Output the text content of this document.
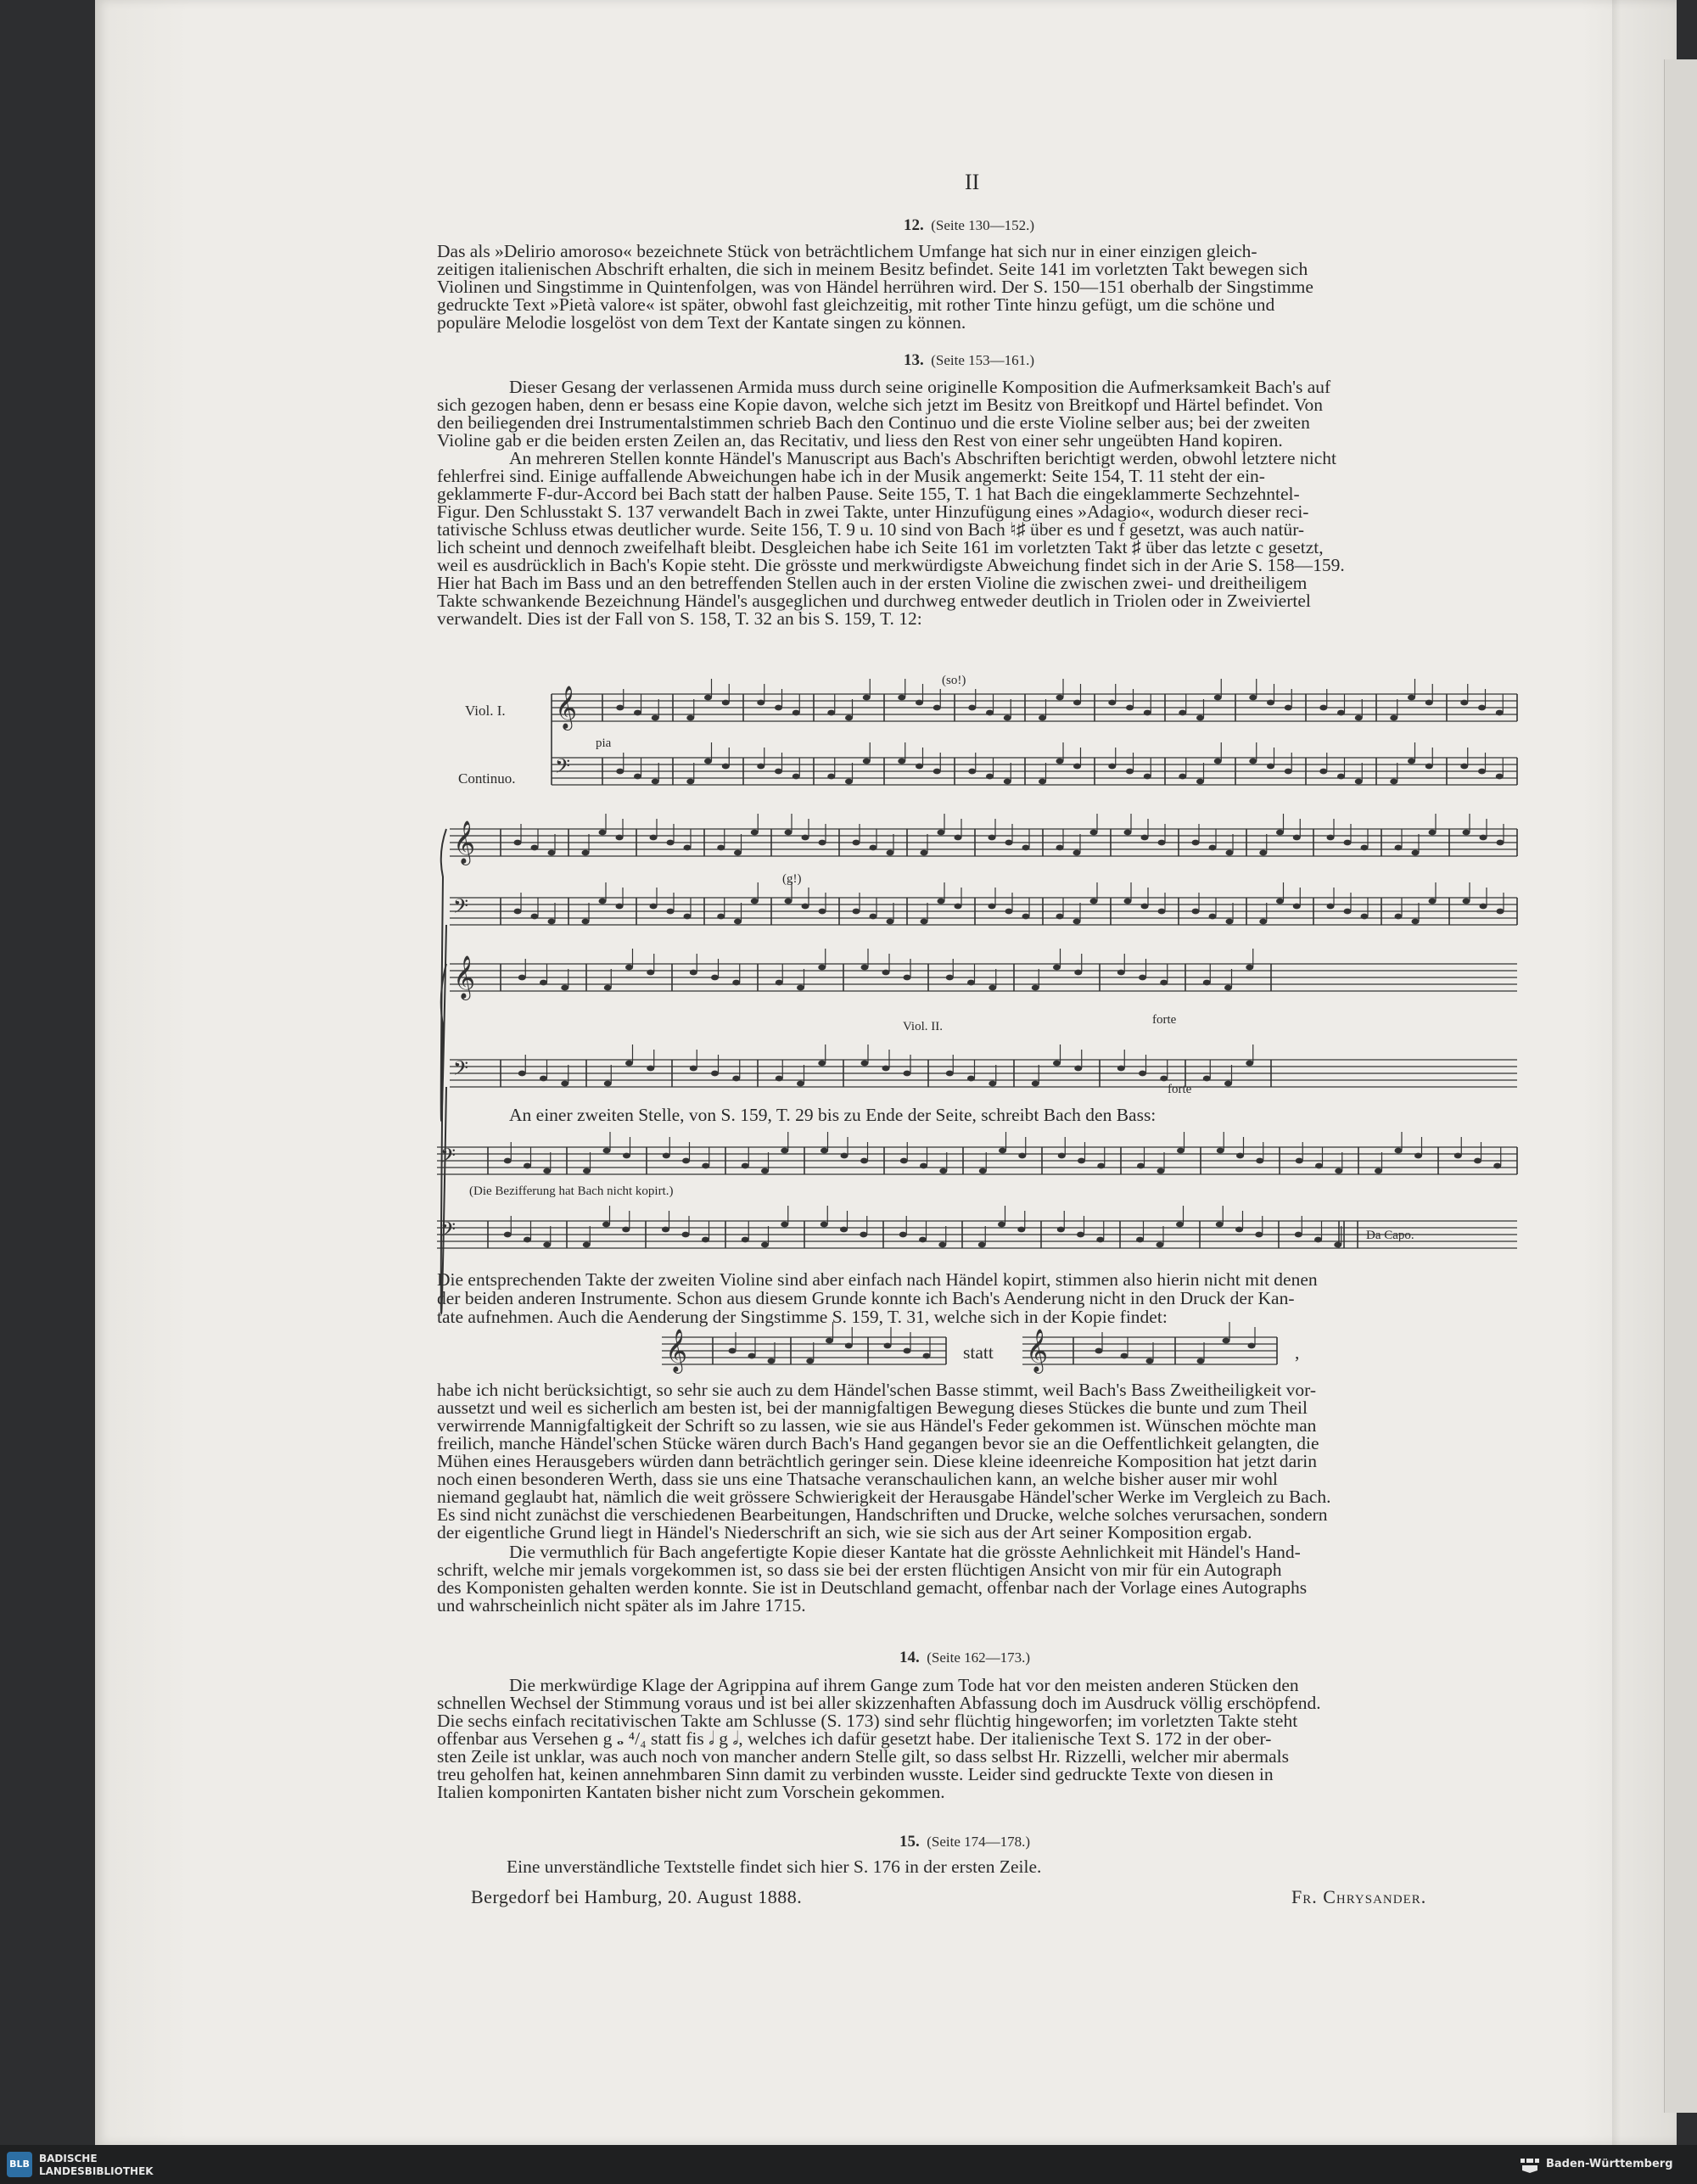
II
12. (Seite 130—152.)
Das als »Delirio amoroso« bezeichnete Stück von beträchtlichem Umfange hat sich nur in einer einzigen gleich-
zeitigen italienischen Abschrift erhalten, die sich in meinem Besitz befindet. Seite 141 im vorletzten Takt bewegen sich
Violinen und Singstimme in Quintenfolgen, was von Händel herrühren wird. Der S. 150—151 oberhalb der Singstimme
gedruckte Text »Pietà valore« ist später, obwohl fast gleichzeitig, mit rother Tinte hinzu gefügt, um die schöne und
populäre Melodie losgelöst von dem Text der Kantate singen zu können.
13. (Seite 153—161.)
Dieser Gesang der verlassenen Armida muss durch seine originelle Komposition die Aufmerksamkeit Bach's auf
sich gezogen haben, denn er besass eine Kopie davon, welche sich jetzt im Besitz von Breitkopf und Härtel befindet. Von
den beiliegenden drei Instrumentalstimmen schrieb Bach den Continuo und die erste Violine selber aus; bei der zweiten
Violine gab er die beiden ersten Zeilen an, das Recitativ, und liess den Rest von einer sehr ungeübten Hand kopiren.
An mehreren Stellen konnte Händel's Manuscript aus Bach's Abschriften berichtigt werden, obwohl letztere nicht
fehlerfrei sind. Einige auffallende Abweichungen habe ich in der Musik angemerkt: Seite 154, T. 11 steht der ein-
geklammerte F-dur-Accord bei Bach statt der halben Pause. Seite 155, T. 1 hat Bach die eingeklammerte Sechzehntel-
Figur. Den Schlusstakt S. 137 verwandelt Bach in zwei Takte, unter Hinzufügung eines »Adagio«, wodurch dieser reci-
tativische Schluss etwas deutlicher wurde. Seite 156, T. 9 u. 10 sind von Bach ♮♯ über es und f gesetzt, was auch natür-
lich scheint und dennoch zweifelhaft bleibt. Desgleichen habe ich Seite 161 im vorletzten Takt ♯ über das letzte c gesetzt,
weil es ausdrücklich in Bach's Kopie steht. Die grösste und merkwürdigste Abweichung findet sich in der Arie S. 158—159.
Hier hat Bach im Bass und an den betreffenden Stellen auch in der ersten Violine die zwischen zwei- und dreitheiligem
Takte schwankende Bezeichnung Händel's ausgeglichen und durchweg entweder deutlich in Triolen oder in Zweiviertel
verwandelt. Dies ist der Fall von S. 158, T. 32 an bis S. 159, T. 12:
Viol. I.
Continuo.
pia
(so!)
(g!)
Viol. II.	forte
forte
An einer zweiten Stelle, von S. 159, T. 29 bis zu Ende der Seite, schreibt Bach den Bass:
(Die Bezifferung hat Bach nicht kopirt.)
Da Capo.
Die entsprechenden Takte der zweiten Violine sind aber einfach nach Händel kopirt, stimmen also hierin nicht mit denen
der beiden anderen Instrumente. Schon aus diesem Grunde konnte ich Bach's Aenderung nicht in den Druck der Kan-
tate aufnehmen. Auch die Aenderung der Singstimme S. 159, T. 31, welche sich in der Kopie findet:
statt	,
habe ich nicht berücksichtigt, so sehr sie auch zu dem Händel'schen Basse stimmt, weil Bach's Bass Zweitheiligkeit vor-
aussetzt und weil es sicherlich am besten ist, bei der mannigfaltigen Bewegung dieses Stückes die bunte und zum Theil
verwirrende Mannigfaltigkeit der Schrift so zu lassen, wie sie aus Händel's Feder gekommen ist. Wünschen möchte man
freilich, manche Händel'schen Stücke wären durch Bach's Hand gegangen bevor sie an die Oeffentlichkeit gelangten, die
Mühen eines Herausgebers würden dann beträchtlich geringer sein. Diese kleine ideenreiche Komposition hat jetzt darin
noch einen besonderen Werth, dass sie uns eine Thatsache veranschaulichen kann, an welche bisher auser mir wohl
niemand geglaubt hat, nämlich die weit grössere Schwierigkeit der Herausgabe Händel'scher Werke im Vergleich zu Bach.
Es sind nicht zunächst die verschiedenen Bearbeitungen, Handschriften und Drucke, welche solches verursachen, sondern
der eigentliche Grund liegt in Händel's Niederschrift an sich, wie sie sich aus der Art seiner Komposition ergab.
Die vermuthlich für Bach angefertigte Kopie dieser Kantate hat die grösste Aehnlichkeit mit Händel's Hand-
schrift, welche mir jemals vorgekommen ist, so dass sie bei der ersten flüchtigen Ansicht von mir für ein Autograph
des Komponisten gehalten werden konnte. Sie ist in Deutschland gemacht, offenbar nach der Vorlage eines Autographs
und wahrscheinlich nicht später als im Jahre 1715.
14. (Seite 162—173.)
Die merkwürdige Klage der Agrippina auf ihrem Gange zum Tode hat vor den meisten anderen Stücken den
schnellen Wechsel der Stimmung voraus und ist bei aller skizzenhaften Abfassung doch im Ausdruck völlig erschöpfend.
Die sechs einfach recitativischen Takte am Schlusse (S. 173) sind sehr flüchtig hingeworfen; im vorletzten Takte steht
offenbar aus Versehen g 𝅝 ⁴/₄ statt fis 𝅗𝅥 g 𝅗𝅥, welches ich dafür gesetzt habe. Der italienische Text S. 172 in der ober-
sten Zeile ist unklar, was auch noch von mancher andern Stelle gilt, so dass selbst Hr. Rizzelli, welcher mir abermals
treu geholfen hat, keinen annehmbaren Sinn damit zu verbinden wusste. Leider sind gedruckte Texte von diesen in
Italien komponirten Kantaten bisher nicht zum Vorschein gekommen.
15. (Seite 174—178.)
Eine unverständliche Textstelle findet sich hier S. 176 in der ersten Zeile.
Bergedorf bei Hamburg, 20. August 1888.	Fr. Chrysander.
𝄞
𝄢
𝄞
𝄢
𝄞
𝄢
𝄢
𝄢
𝄞	𝄞
BLB BADISCHE
LANDESBIBLIOTHEK
Baden-Württemberg
